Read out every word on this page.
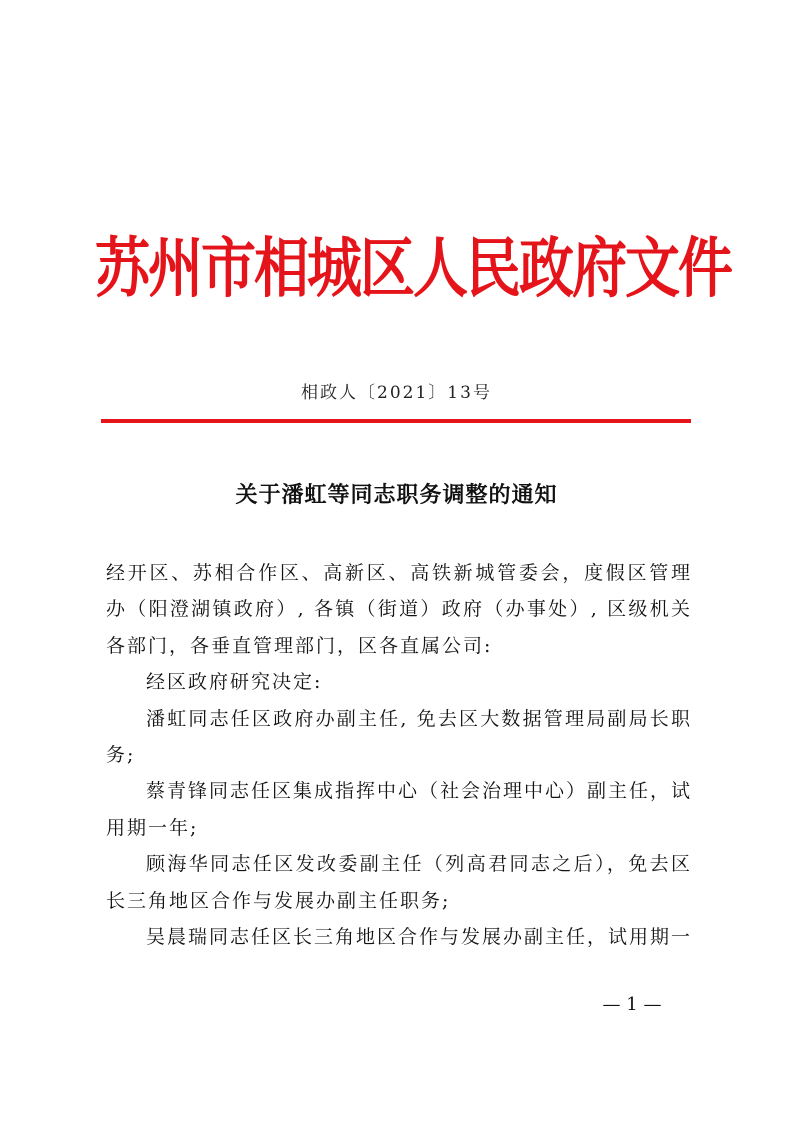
苏州市相城区人民政府文件
相政人〔2021〕13号
关于潘虹等同志职务调整的通知

经开区、苏相合作区、高新区、高铁新城管委会，度假区管理办（阳澄湖镇政府）, 各镇（街道）政府（办事处）, 区级机关各部门，各垂直管理部门，区各直属公司:

经区政府研究决定:

潘虹同志任区政府办副主任, 免去区大数据管理局副局长职务;

蔡青锋同志任区集成指挥中心（社会治理中心）副主任，试用期一年;

顾海华同志任区发改委副主任（列高君同志之后），免去区长三角地区合作与发展办副主任职务;

吴晨瑞同志任区长三角地区合作与发展办副主任，试用期一

— 1 —
